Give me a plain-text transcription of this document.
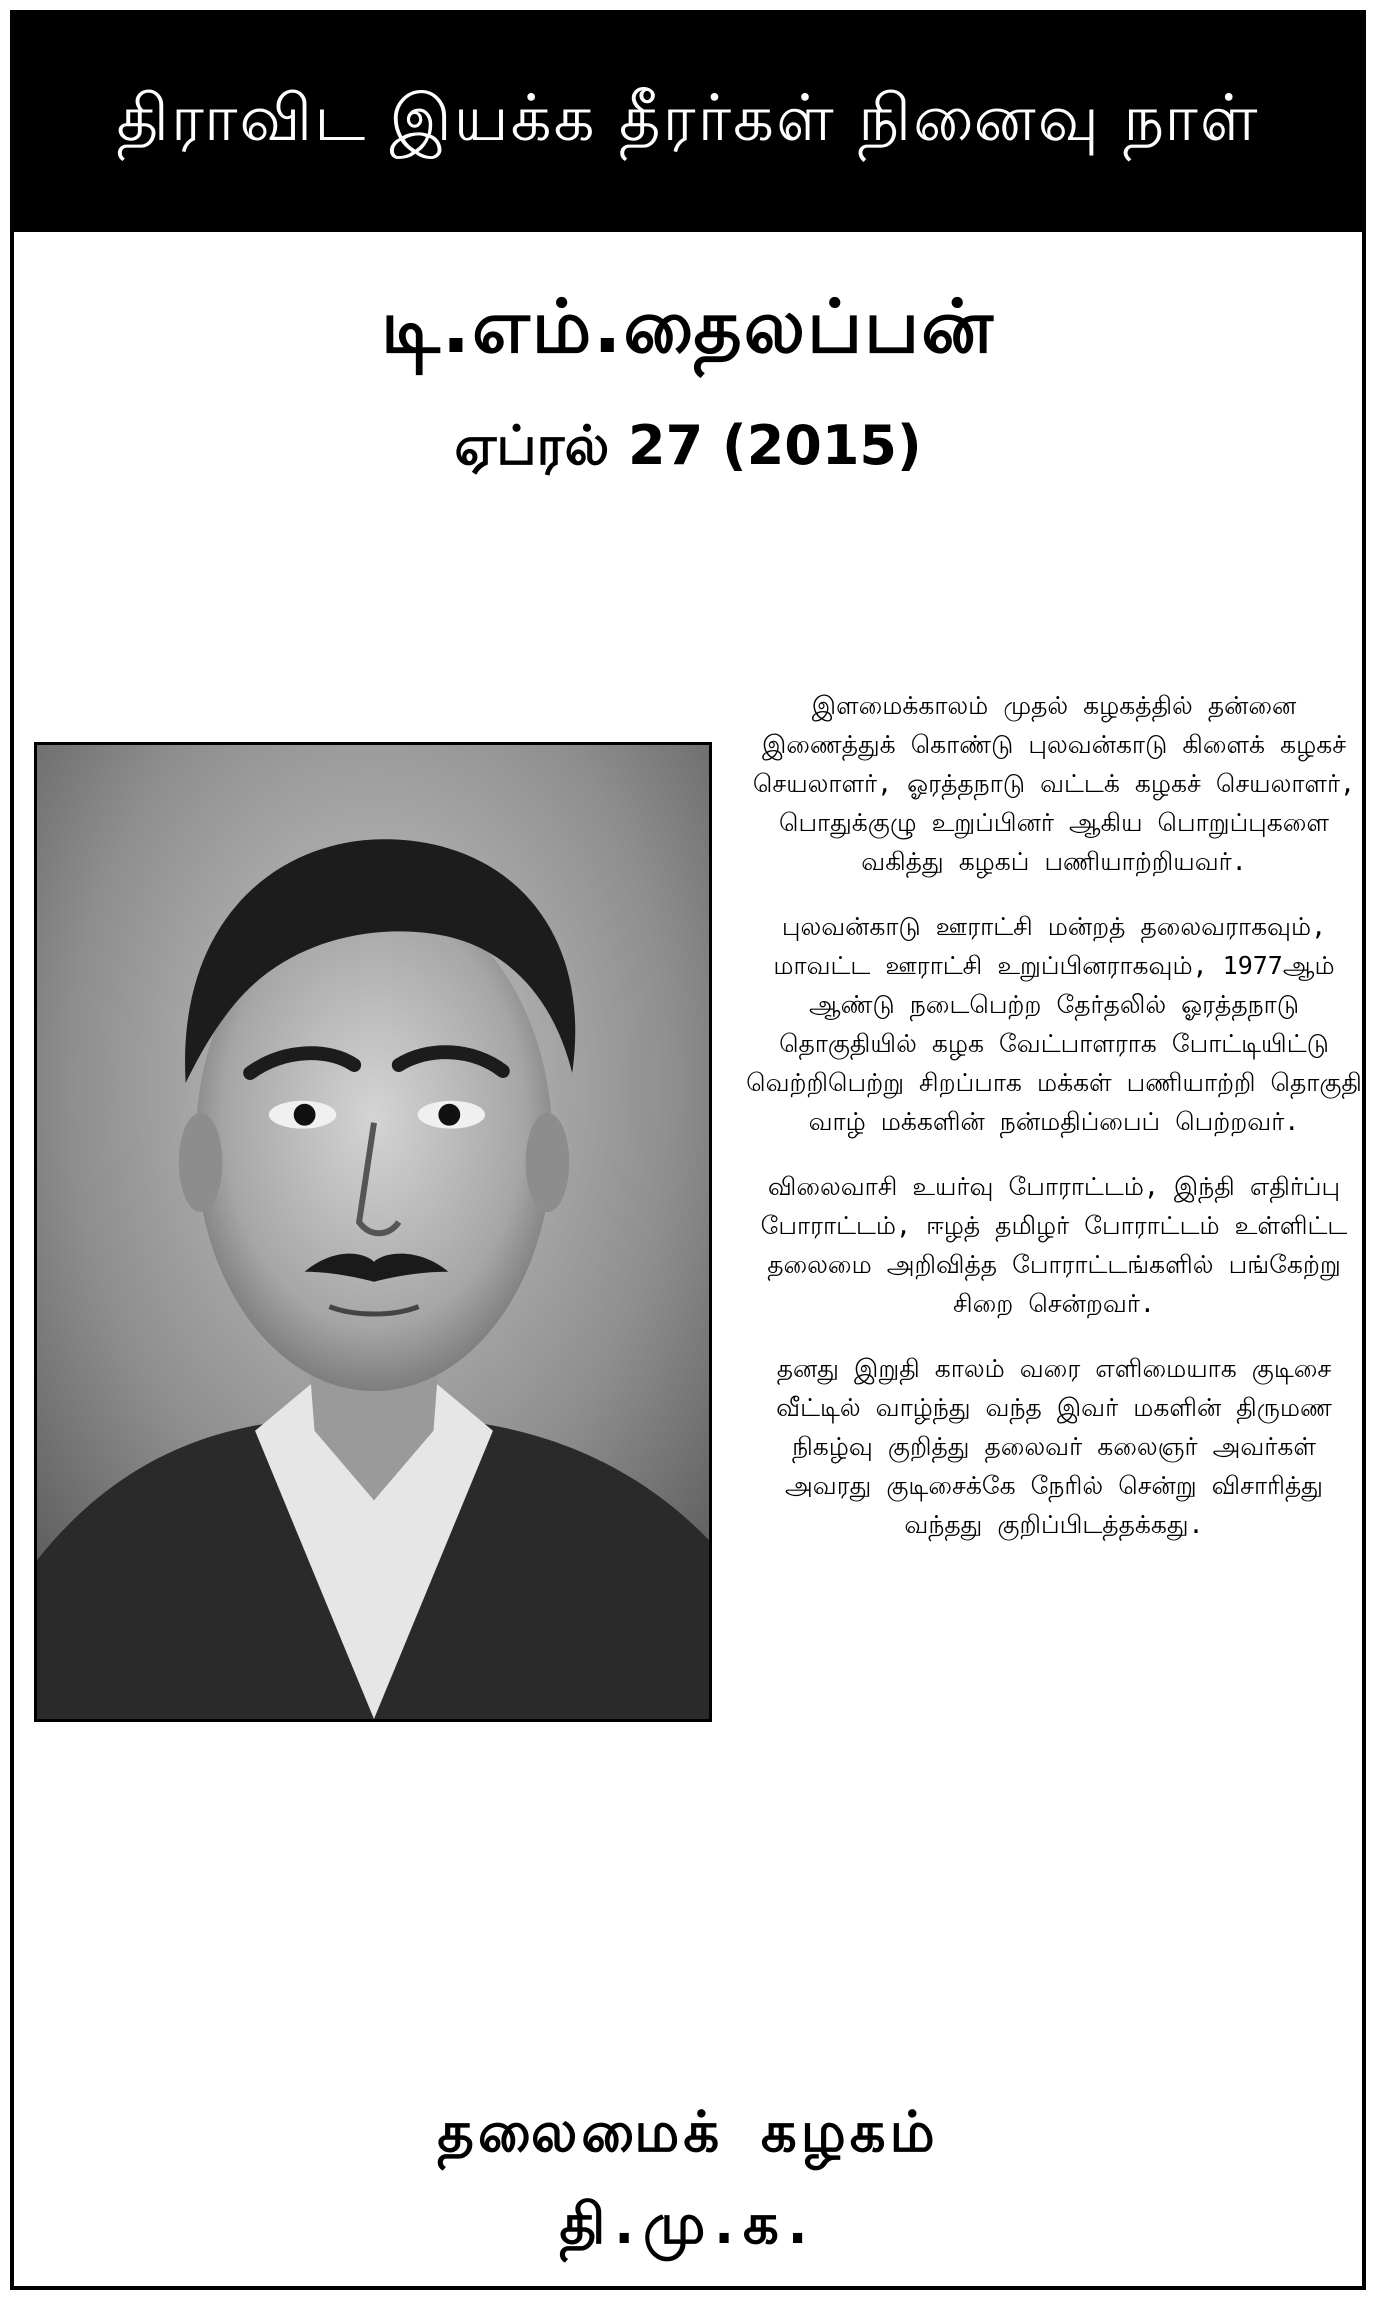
திராவிட இயக்க தீரர்கள் நினைவு நாள்
டி.எம்.தைலப்பன்
ஏப்ரல் 27 (2015)

இளமைக்காலம் முதல் கழகத்தில் தன்னை இணைத்துக் கொண்டு புலவன்காடு கிளைக் கழகச் செயலாளர், ஓரத்தநாடு வட்டக் கழகச் செயலாளர், பொதுக்குழு உறுப்பினர் ஆகிய பொறுப்புகளை வகித்து கழகப் பணியாற்றியவர்.

புலவன்காடு ஊராட்சி மன்றத் தலைவராகவும், மாவட்ட ஊராட்சி உறுப்பினராகவும், 1977ஆம் ஆண்டு நடைபெற்ற தேர்தலில் ஓரத்தநாடு தொகுதியில் கழக வேட்பாளராக போட்டியிட்டு வெற்றிபெற்று சிறப்பாக மக்கள் பணியாற்றி தொகுதி வாழ் மக்களின் நன்மதிப்பைப் பெற்றவர்.

விலைவாசி உயர்வு போராட்டம், இந்தி எதிர்ப்பு போராட்டம், ஈழத் தமிழர் போராட்டம் உள்ளிட்ட தலைமை அறிவித்த போராட்டங்களில் பங்கேற்று சிறை சென்றவர்.

தனது இறுதி காலம் வரை எளிமையாக குடிசை வீட்டில் வாழ்ந்து வந்த இவர் மகளின் திருமண நிகழ்வு குறித்து தலைவர் கலைஞர் அவர்கள் அவரது குடிசைக்கே நேரில் சென்று விசாரித்து வந்தது குறிப்பிடத்தக்கது.

தலைமைக் கழகம்
தி.மு.க.
